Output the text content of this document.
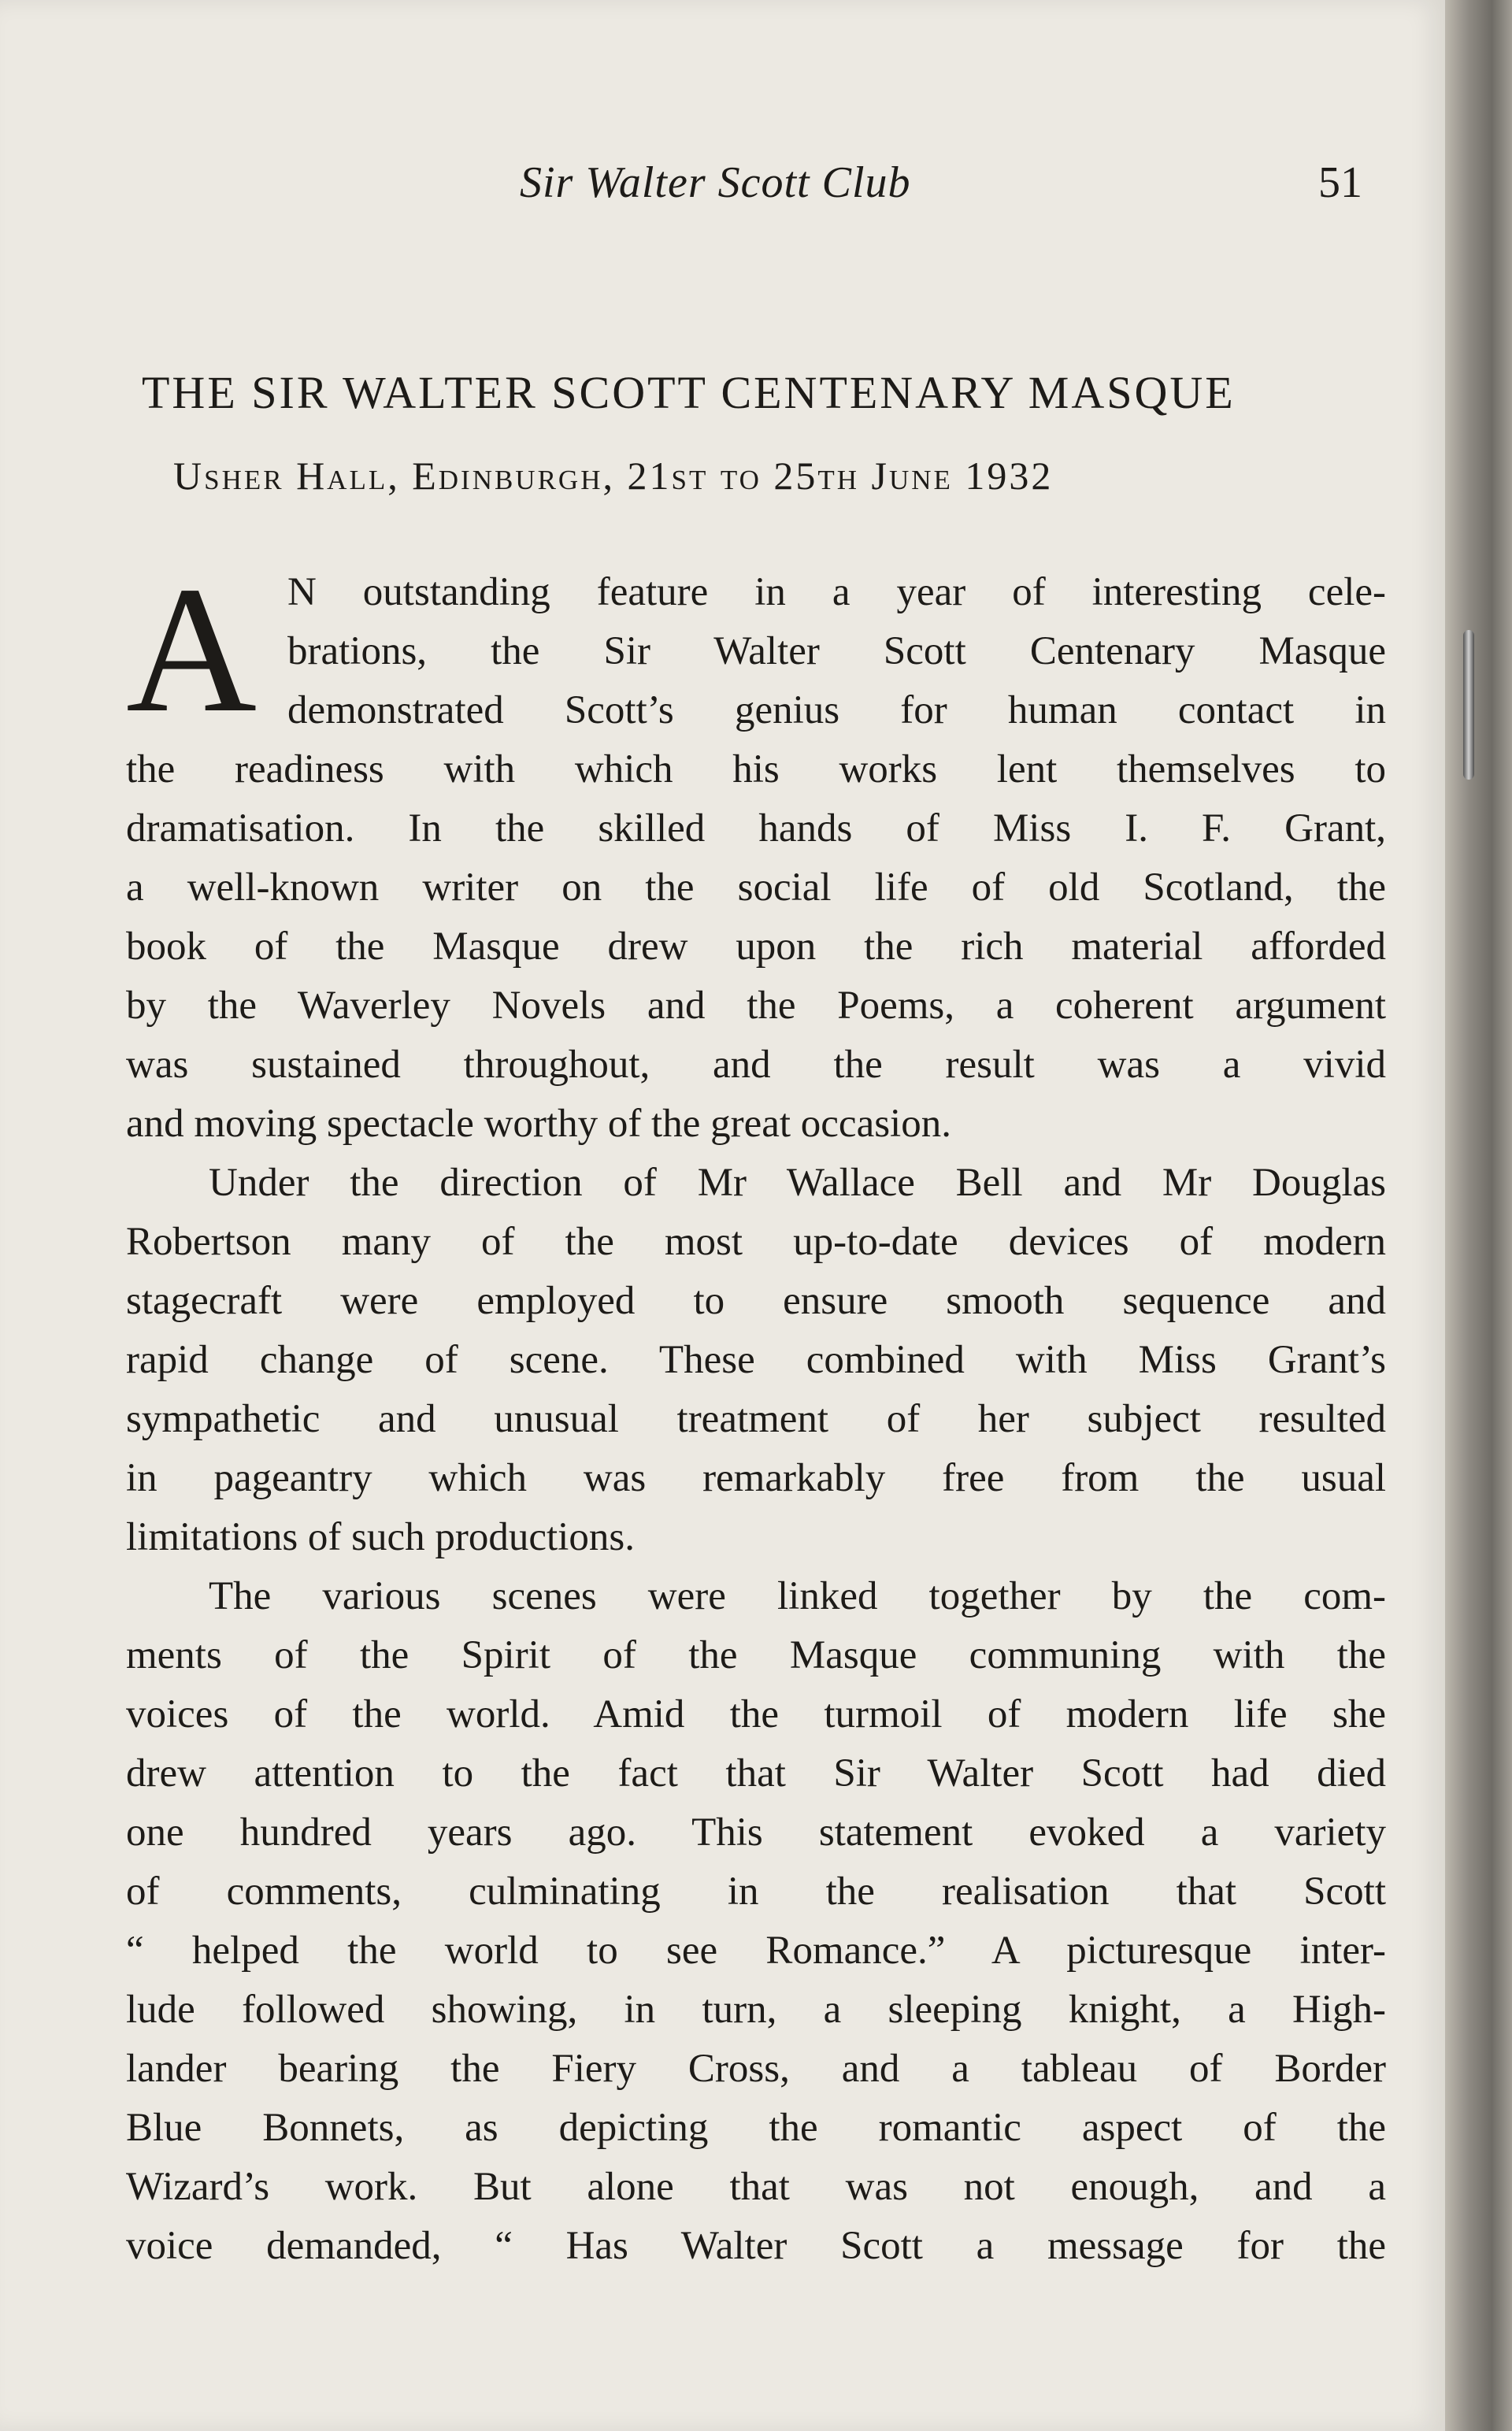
Sir Walter Scott Club	51
THE SIR WALTER SCOTT CENTENARY MASQUE
Usher Hall, Edinburgh, 21st to 25th June 1932
A N outstanding feature in a year of interesting cele-
brations, the Sir Walter Scott Centenary Masque
demonstrated Scott’s genius for human contact in
the readiness with which his works lent themselves to
dramatisation. In the skilled hands of Miss I. F. Grant,
a well-known writer on the social life of old Scotland, the
book of the Masque drew upon the rich material afforded
by the Waverley Novels and the Poems, a coherent argument
was sustained throughout, and the result was a vivid
and moving spectacle worthy of the great occasion.
Under the direction of Mr Wallace Bell and Mr Douglas
Robertson many of the most up-to-date devices of modern
stagecraft were employed to ensure smooth sequence and
rapid change of scene. These combined with Miss Grant’s
sympathetic and unusual treatment of her subject resulted
in pageantry which was remarkably free from the usual
limitations of such productions.
The various scenes were linked together by the com-
ments of the Spirit of the Masque communing with the
voices of the world. Amid the turmoil of modern life she
drew attention to the fact that Sir Walter Scott had died
one hundred years ago. This statement evoked a variety
of comments, culminating in the realisation that Scott
“ helped the world to see Romance.” A picturesque inter-
lude followed showing, in turn, a sleeping knight, a High-
lander bearing the Fiery Cross, and a tableau of Border
Blue Bonnets, as depicting the romantic aspect of the
Wizard’s work. But alone that was not enough, and a
voice demanded, “ Has Walter Scott a message for the
